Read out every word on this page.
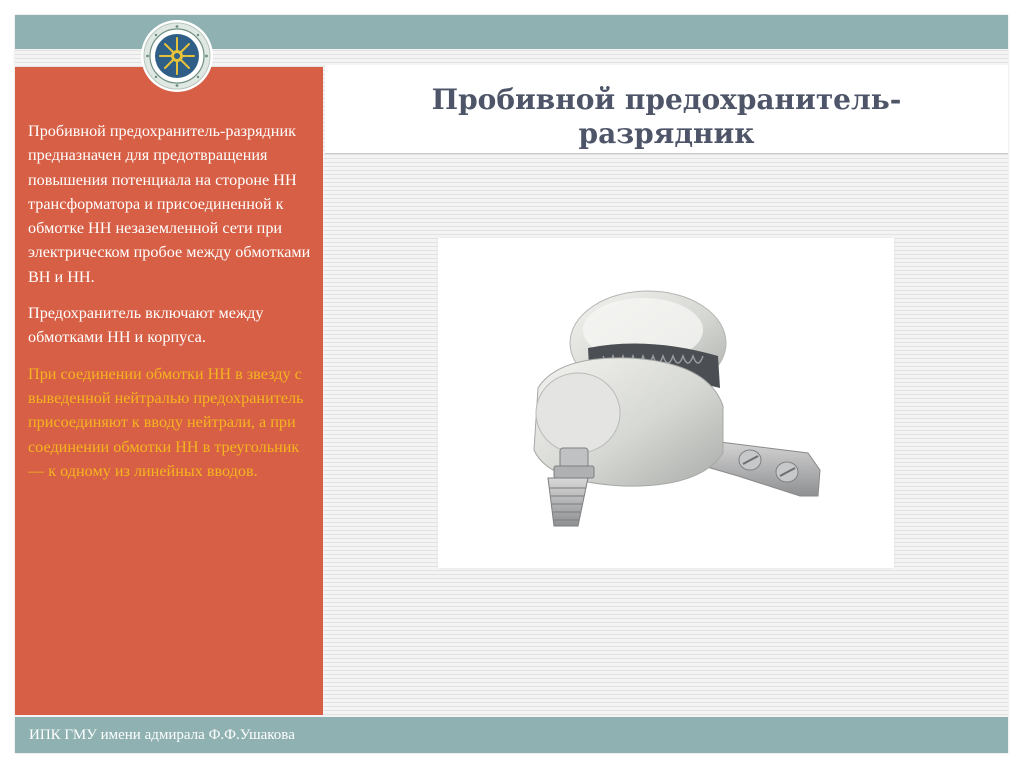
Пробивной предохранитель-
разрядник

Пробивной предохранитель-разрядник предназначен для предотвращения повышения потенциала на стороне НН трансформатора и присоединенной к обмотке НН незаземленной сети при электрическом пробое между обмотками ВН и НН.

Предохранитель включают между обмотками НН и корпуса.

При соединении обмотки НН в звезду с выведенной нейтралью предохранитель присоединяют к вводу нейтрали, а при соединении обмотки НН в треугольник — к одному из линейных вводов.

ИПК ГМУ имени адмирала Ф.Ф.Ушакова
